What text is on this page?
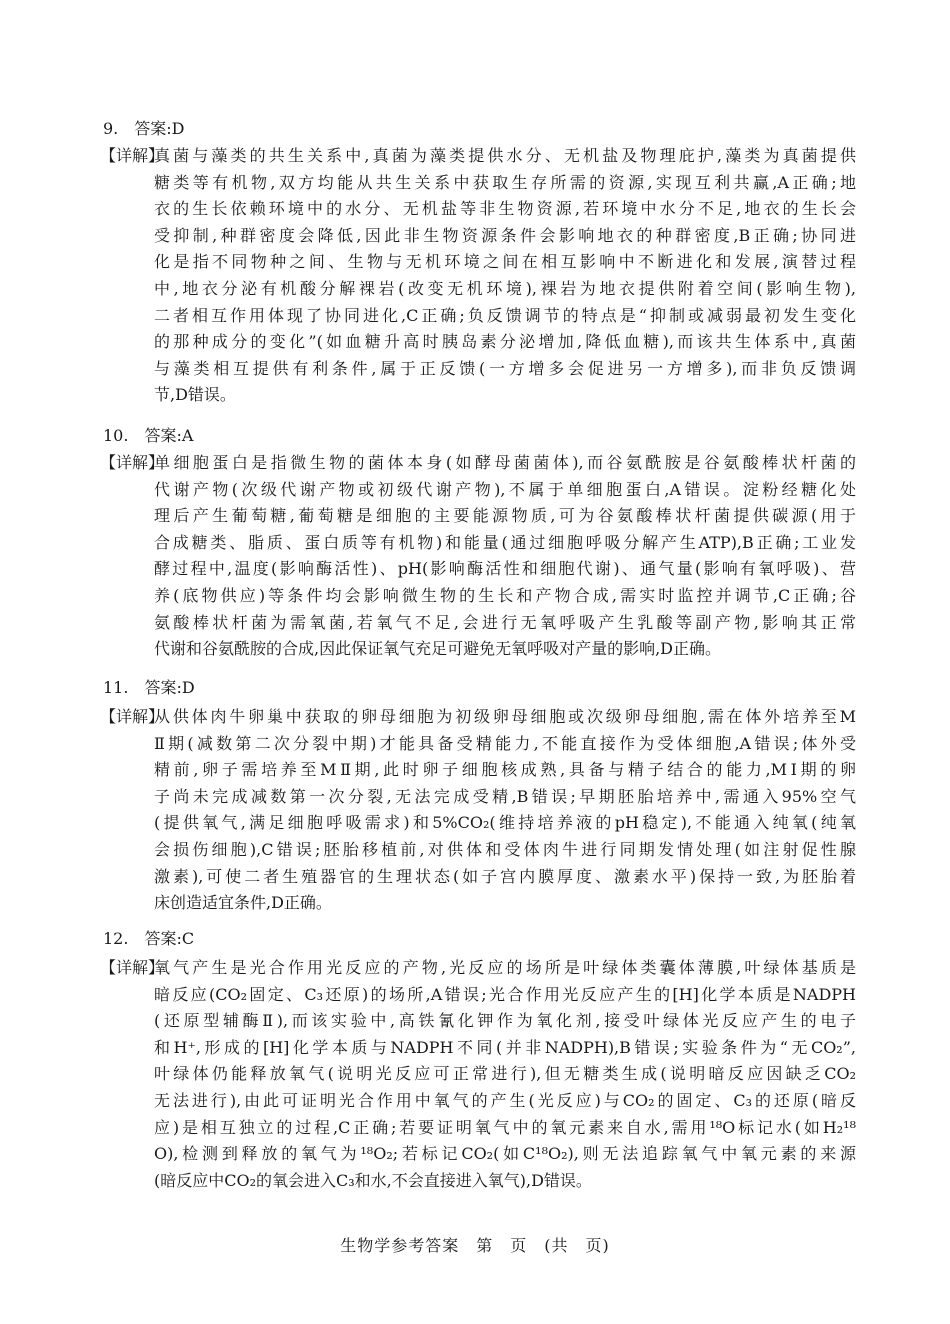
9.　答案:D
【详解】
真菌与藻类的共生关系中,真菌为藻类提供水分、无机盐及物理庇护,藻类为真菌提供
糖类等有机物,双方均能从共生关系中获取生存所需的资源,实现互利共赢,A正确;地
衣的生长依赖环境中的水分、无机盐等非生物资源,若环境中水分不足,地衣的生长会
受抑制,种群密度会降低,因此非生物资源条件会影响地衣的种群密度,B正确;协同进
化是指不同物种之间、生物与无机环境之间在相互影响中不断进化和发展,演替过程
中,地衣分泌有机酸分解裸岩(改变无机环境),裸岩为地衣提供附着空间(影响生物),
二者相互作用体现了协同进化,C正确;负反馈调节的特点是“抑制或减弱最初发生变化
的那种成分的变化”(如血糖升高时胰岛素分泌增加,降低血糖),而该共生体系中,真菌
与藻类相互提供有利条件,属于正反馈(一方增多会促进另一方增多),而非负反馈调
节,D错误。
10.　答案:A
【详解】
单细胞蛋白是指微生物的菌体本身(如酵母菌菌体),而谷氨酰胺是谷氨酸棒状杆菌的
代谢产物(次级代谢产物或初级代谢产物),不属于单细胞蛋白,A错误。淀粉经糖化处
理后产生葡萄糖,葡萄糖是细胞的主要能源物质,可为谷氨酸棒状杆菌提供碳源(用于
合成糖类、脂质、蛋白质等有机物)和能量(通过细胞呼吸分解产生ATP),B正确;工业发
酵过程中,温度(影响酶活性)、pH(影响酶活性和细胞代谢)、通气量(影响有氧呼吸)、营
养(底物供应)等条件均会影响微生物的生长和产物合成,需实时监控并调节,C正确;谷
氨酸棒状杆菌为需氧菌,若氧气不足,会进行无氧呼吸产生乳酸等副产物,影响其正常
代谢和谷氨酰胺的合成,因此保证氧气充足可避免无氧呼吸对产量的影响,D正确。
11.　答案:D
【详解】
从供体肉牛卵巢中获取的卵母细胞为初级卵母细胞或次级卵母细胞,需在体外培养至M
Ⅱ期(减数第二次分裂中期)才能具备受精能力,不能直接作为受体细胞,A错误;体外受
精前,卵子需培养至MⅡ期,此时卵子细胞核成熟,具备与精子结合的能力,MⅠ期的卵
子尚未完成减数第一次分裂,无法完成受精,B错误;早期胚胎培养中,需通入95%空气
(提供氧气,满足细胞呼吸需求)和5%CO₂(维持培养液的pH稳定),不能通入纯氧(纯氧
会损伤细胞),C错误;胚胎移植前,对供体和受体肉牛进行同期发情处理(如注射促性腺
激素),可使二者生殖器官的生理状态(如子宫内膜厚度、激素水平)保持一致,为胚胎着
床创造适宜条件,D正确。
12.　答案:C
【详解】
氧气产生是光合作用光反应的产物,光反应的场所是叶绿体类囊体薄膜,叶绿体基质是
暗反应(CO₂固定、C₃还原)的场所,A错误;光合作用光反应产生的[H]化学本质是NADPH
(还原型辅酶Ⅱ),而该实验中,高铁氰化钾作为氧化剂,接受叶绿体光反应产生的电子
和H⁺,形成的[H]化学本质与NADPH不同(并非NADPH),B错误;实验条件为“无CO₂”,
叶绿体仍能释放氧气(说明光反应可正常进行),但无糖类生成(说明暗反应因缺乏CO₂
无法进行),由此可证明光合作用中氧气的产生(光反应)与CO₂的固定、C₃的还原(暗反
应)是相互独立的过程,C正确;若要证明氧气中的氧元素来自水,需用¹⁸O标记水(如H₂¹⁸
O),检测到释放的氧气为¹⁸O₂;若标记CO₂(如C¹⁸O₂),则无法追踪氧气中氧元素的来源
(暗反应中CO₂的氧会进入C₃和水,不会直接进入氧气),D错误。
生物学参考答案　第　页　(共　页)
